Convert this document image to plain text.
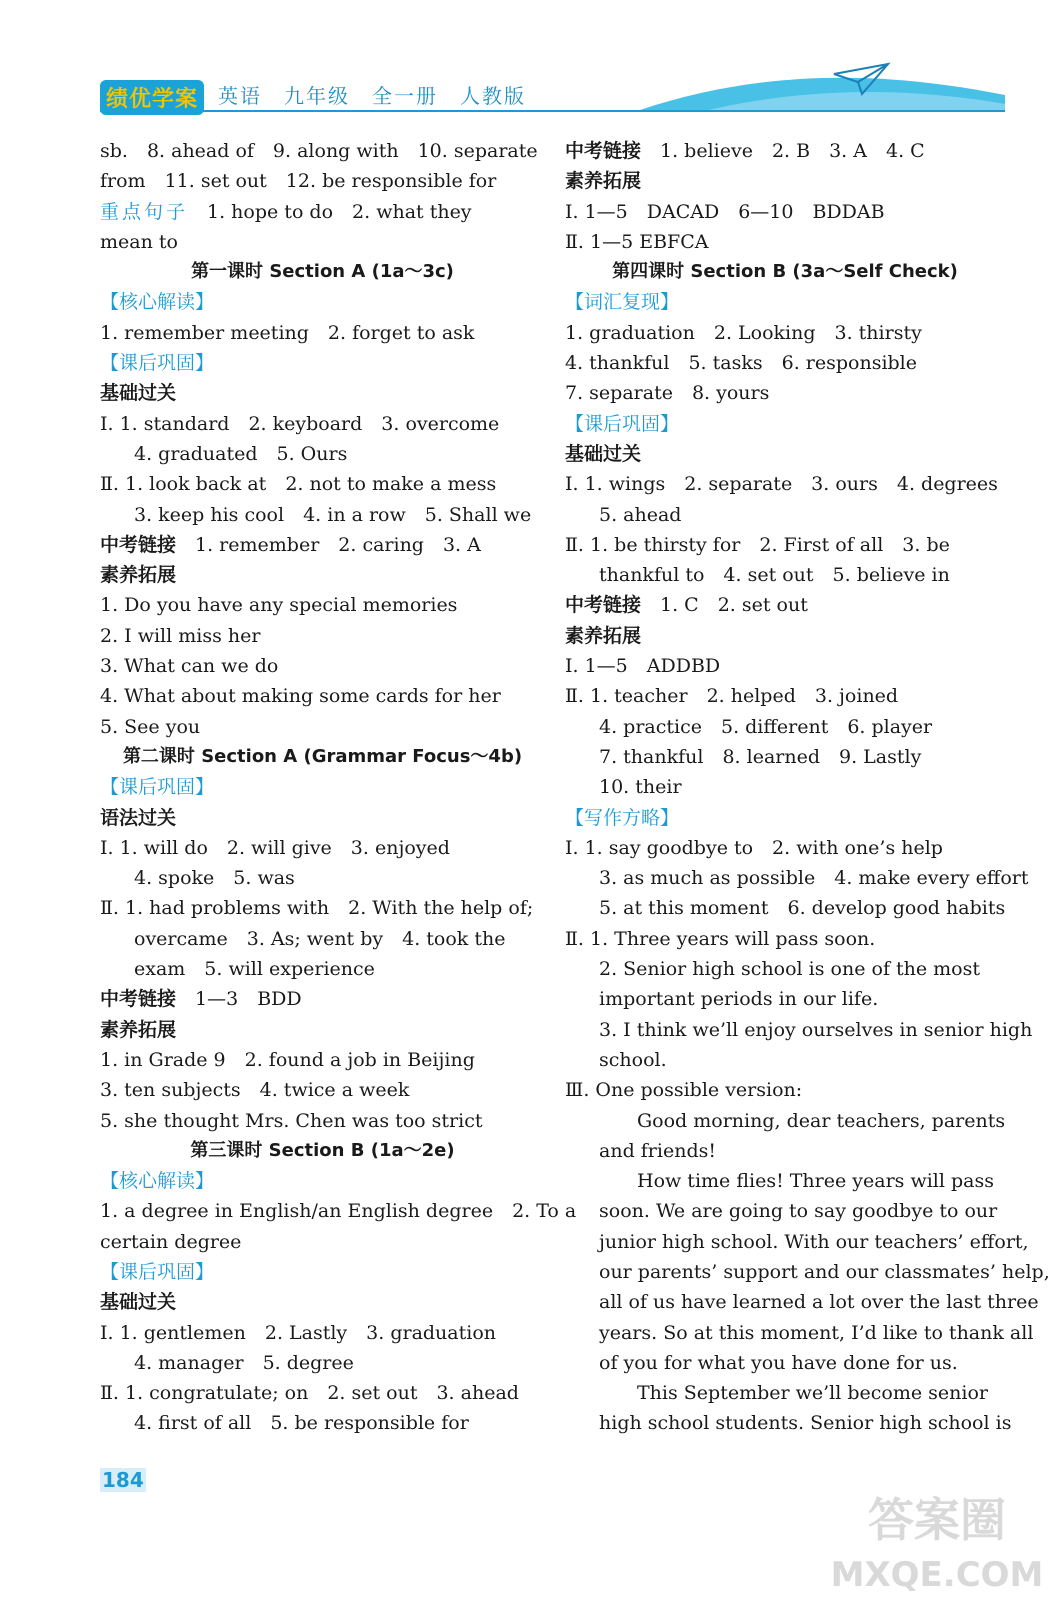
绩优学案 英语　九年级　全一册　人教版
sb.　8. ahead of　9. along with　10. separate
from　11. set out　12. be responsible for
重点句子　1. hope to do　2. what they
mean to
第一课时 Section A (1a～3c)
【核心解读】
1. remember meeting　2. forget to ask
【课后巩固】
基础过关
Ⅰ. 1. standard　2. keyboard　3. overcome
4. graduated　5. Ours
Ⅱ. 1. look back at　2. not to make a mess
3. keep his cool　4. in a row　5. Shall we
中考链接　1. remember　2. caring　3. A
素养拓展
1. Do you have any special memories
2. I will miss her
3. What can we do
4. What about making some cards for her
5. See you
第二课时 Section A (Grammar Focus～4b)
【课后巩固】
语法过关
Ⅰ. 1. will do　2. will give　3. enjoyed
4. spoke　5. was
Ⅱ. 1. had problems with　2. With the help of;
overcame　3. As; went by　4. took the
exam　5. will experience
中考链接　1—3　BDD
素养拓展
1. in Grade 9　2. found a job in Beijing
3. ten subjects　4. twice a week
5. she thought Mrs. Chen was too strict
第三课时 Section B (1a～2e)
【核心解读】
1. a degree in English/an English degree　2. To a
certain degree
【课后巩固】
基础过关
Ⅰ. 1. gentlemen　2. Lastly　3. graduation
4. manager　5. degree
Ⅱ. 1. congratulate; on　2. set out　3. ahead
4. first of all　5. be responsible for
中考链接　1. believe　2. B　3. A　4. C
素养拓展
Ⅰ. 1—5　DACAD　6—10　BDDAB
Ⅱ. 1—5 EBFCA
第四课时 Section B (3a～Self Check)
【词汇复现】
1. graduation　2. Looking　3. thirsty
4. thankful　5. tasks　6. responsible
7. separate　8. yours
【课后巩固】
基础过关
Ⅰ. 1. wings　2. separate　3. ours　4. degrees
5. ahead
Ⅱ. 1. be thirsty for　2. First of all　3. be
thankful to　4. set out　5. believe in
中考链接　1. C　2. set out
素养拓展
Ⅰ. 1—5　ADDBD
Ⅱ. 1. teacher　2. helped　3. joined
4. practice　5. different　6. player
7. thankful　8. learned　9. Lastly
10. their
【写作方略】
Ⅰ. 1. say goodbye to　2. with one’s help
3. as much as possible　4. make every effort
5. at this moment　6. develop good habits
Ⅱ. 1. Three years will pass soon.
2. Senior high school is one of the most
important periods in our life.
3. I think we’ll enjoy ourselves in senior high
school.
Ⅲ. One possible version:
　　Good morning, dear teachers, parents
and friends!
　　How time flies! Three years will pass
soon. We are going to say goodbye to our
junior high school. With our teachers’ effort,
our parents’ support and our classmates’ help,
all of us have learned a lot over the last three
years. So at this moment, I’d like to thank all
of you for what you have done for us.
　　This September we’ll become senior
high school students. Senior high school is
184
答案圈
MXQE.COM
